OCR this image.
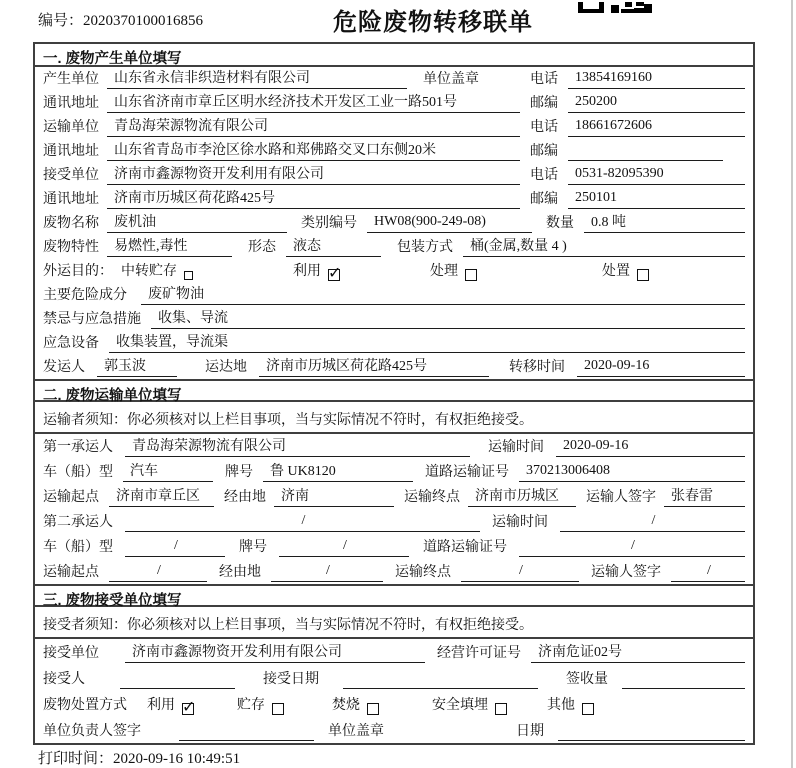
编号：2020370100016856	危险废物转移联单
一. 废物产生单位填写
产生单位	山东省永信非织造材料有限公司	单位盖章	电话	13854169160
通讯地址	山东省济南市章丘区明水经济技术开发区工业一路501号	邮编	250200
运输单位	青岛海荣源物流有限公司	电话	18661672606
通讯地址	山东省青岛市李沧区徐水路和郑佛路交叉口东侧20米	邮编
接受单位	济南市鑫源物资开发利用有限公司	电话	0531-82095390
通讯地址	济南市历城区荷花路425号	邮编	250101
废物名称	废机油	类别编号	HW08(900-249-08)	数量	0.8 吨
废物特性	易燃性,毒性	形态	液态	包装方式	桶(金属,数量 4 )
外运目的： 中转贮存	利用 ✓	处理	处置
主要危险成分	废矿物油
禁忌与应急措施	收集、导流
应急设备	收集装置，导流渠
发运人	郭玉波	运达地	济南市历城区荷花路425号	转移时间	2020-09-16
二. 废物运输单位填写
运输者须知：你必须核对以上栏目事项，当与实际情况不符时，有权拒绝接受。
第一承运人	青岛海荣源物流有限公司	运输时间	2020-09-16
车（船）型	汽车	牌号	鲁 UK8120	道路运输证号	370213006408
运输起点	济南市章丘区	经由地	济南	运输终点	济南市历城区	运输人签字	张春雷
第二承运人	/	运输时间	/
车（船）型	/	牌号	/	道路运输证号	/
运输起点	/	经由地	/	运输终点	/	运输人签字	/
三. 废物接受单位填写
接受者须知：你必须核对以上栏目事项，当与实际情况不符时，有权拒绝接受。
接受单位	济南市鑫源物资开发利用有限公司	经营许可证号	济南危证02号
接受人	接受日期	签收量
废物处置方式 利用 ✓	贮存	焚烧	安全填埋	其他
单位负责人签字	单位盖章	日期
打印时间：2020-09-16 10:49:51
